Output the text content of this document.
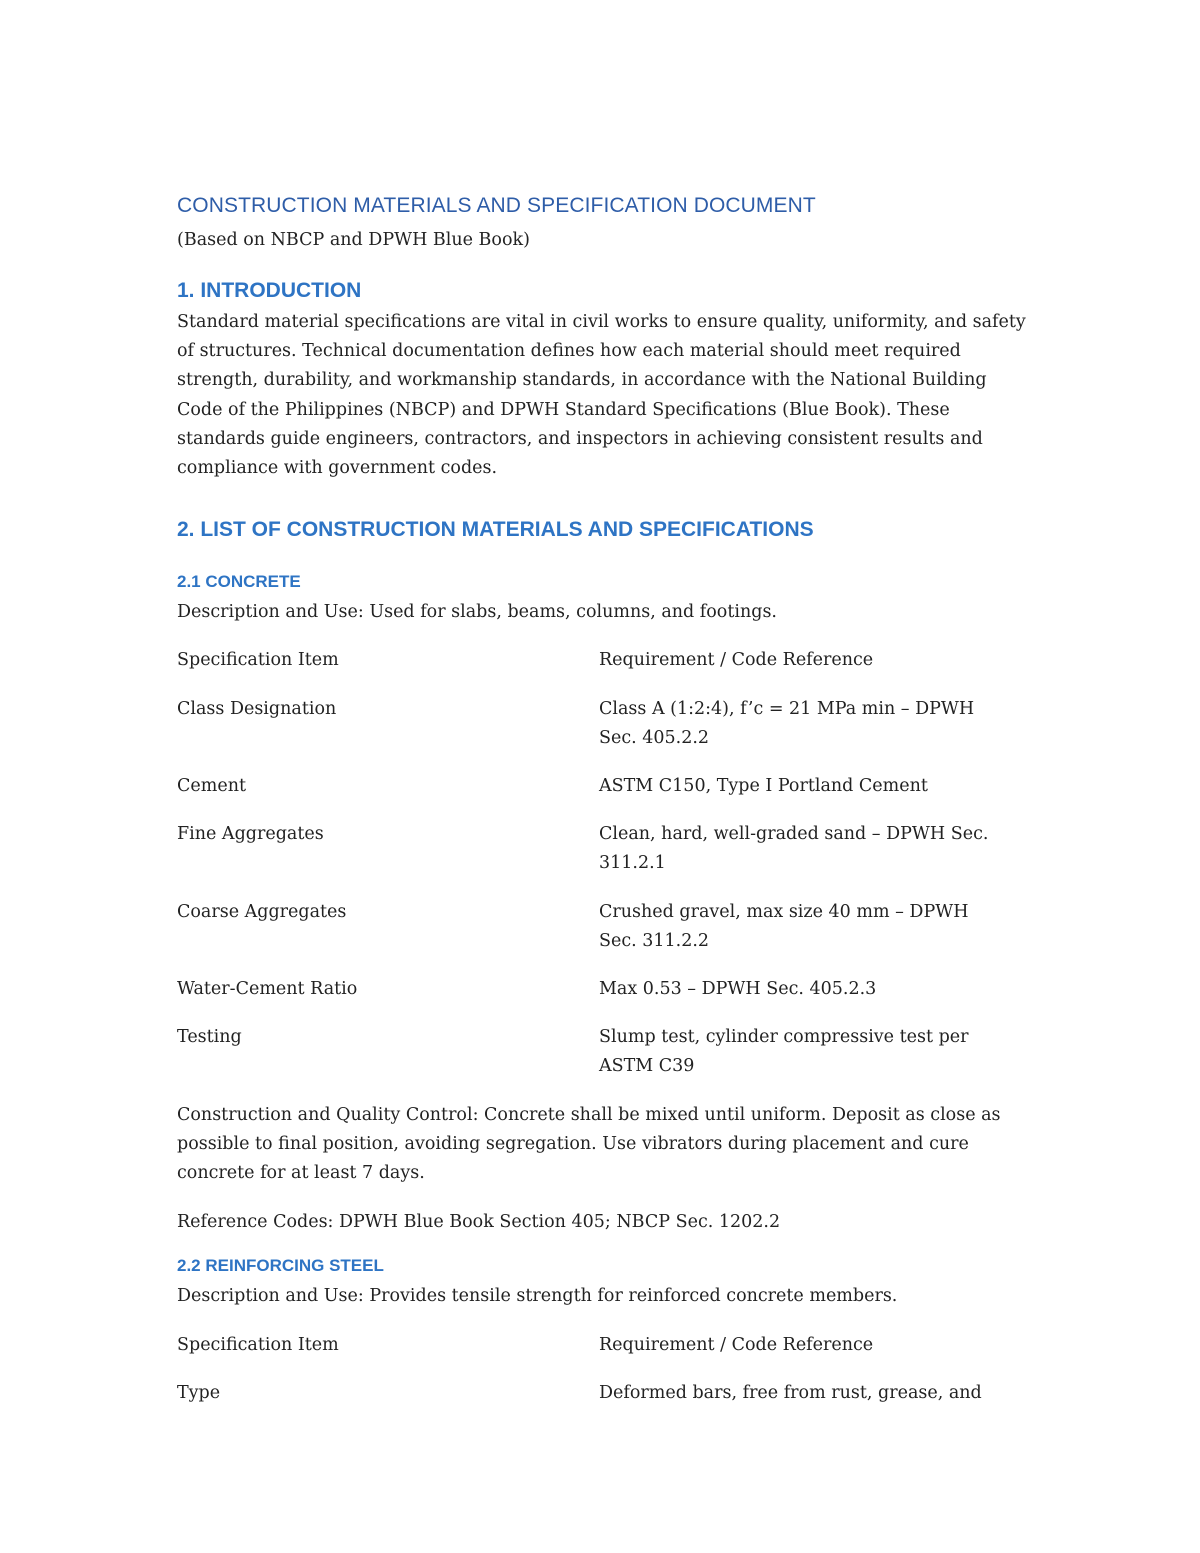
CONSTRUCTION MATERIALS AND SPECIFICATION DOCUMENT

(Based on NBCP and DPWH Blue Book)

1. INTRODUCTION

Standard material specifications are vital in civil works to ensure quality, uniformity, and safety of structures. Technical documentation defines how each material should meet required strength, durability, and workmanship standards, in accordance with the National Building Code of the Philippines (NBCP) and DPWH Standard Specifications (Blue Book). These standards guide engineers, contractors, and inspectors in achieving consistent results and compliance with government codes.

2. LIST OF CONSTRUCTION MATERIALS AND SPECIFICATIONS
2.1 CONCRETE

Description and Use: Used for slabs, beams, columns, and footings.

Specification Item	Requirement / Code Reference
Class Designation	Class A (1:2:4), f’c = 21 MPa min – DPWH Sec. 405.2.2
Cement	ASTM C150, Type I Portland Cement
Fine Aggregates	Clean, hard, well-graded sand – DPWH Sec. 311.2.1
Coarse Aggregates	Crushed gravel, max size 40 mm – DPWH Sec. 311.2.2
Water-Cement Ratio	Max 0.53 – DPWH Sec. 405.2.3
Testing	Slump test, cylinder compressive test per ASTM C39

Construction and Quality Control: Concrete shall be mixed until uniform. Deposit as close as possible to final position, avoiding segregation. Use vibrators during placement and cure concrete for at least 7 days.

Reference Codes: DPWH Blue Book Section 405; NBCP Sec. 1202.2

2.2 REINFORCING STEEL

Description and Use: Provides tensile strength for reinforced concrete members.

Specification Item	Requirement / Code Reference
Type	Deformed bars, free from rust, grease, and
